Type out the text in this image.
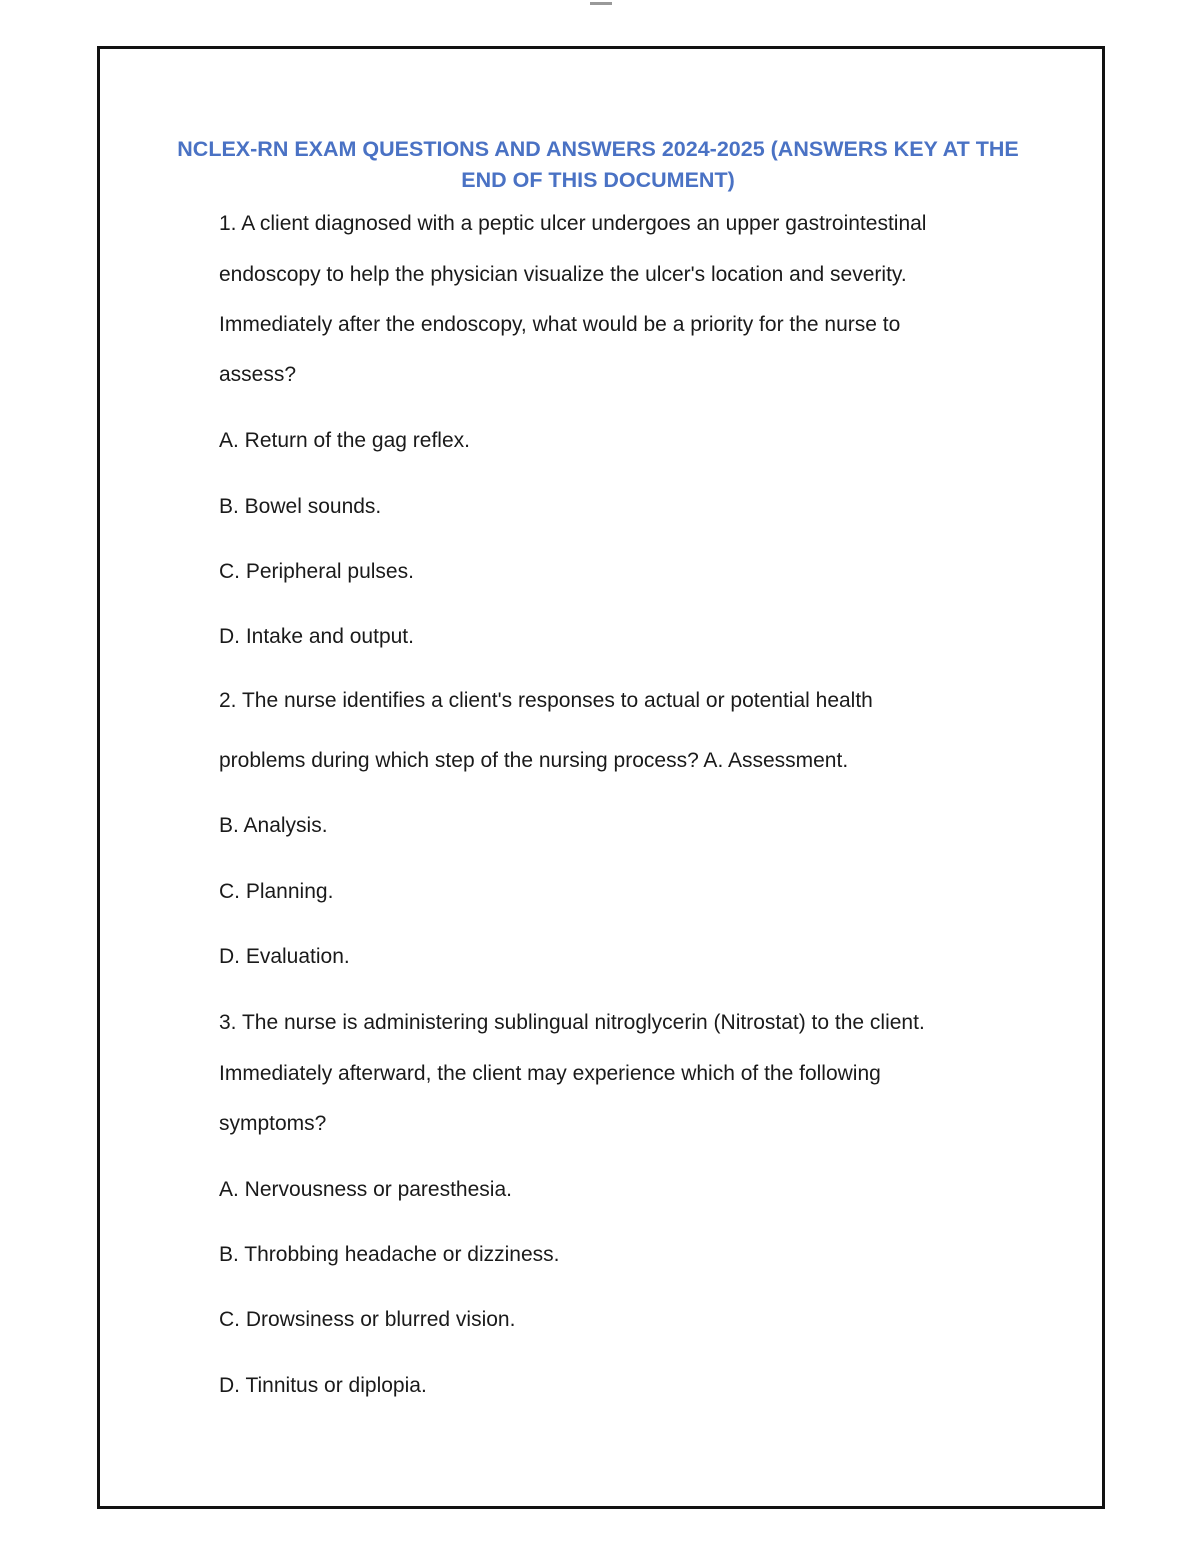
NCLEX-RN EXAM QUESTIONS AND ANSWERS 2024-2025 (ANSWERS KEY AT THE END OF THIS DOCUMENT)

1. A client diagnosed with a peptic ulcer undergoes an upper gastrointestinal

endoscopy to help the physician visualize the ulcer's location and severity.

Immediately after the endoscopy, what would be a priority for the nurse to

assess?

A. Return of the gag reflex.

B. Bowel sounds.

C. Peripheral pulses.

D. Intake and output.

2. The nurse identifies a client's responses to actual or potential health

problems during which step of the nursing process? A. Assessment.

B. Analysis.

C. Planning.

D. Evaluation.

3. The nurse is administering sublingual nitroglycerin (Nitrostat) to the client.

Immediately afterward, the client may experience which of the following

symptoms?

A. Nervousness or paresthesia.

B. Throbbing headache or dizziness.

C. Drowsiness or blurred vision.

D. Tinnitus or diplopia.
